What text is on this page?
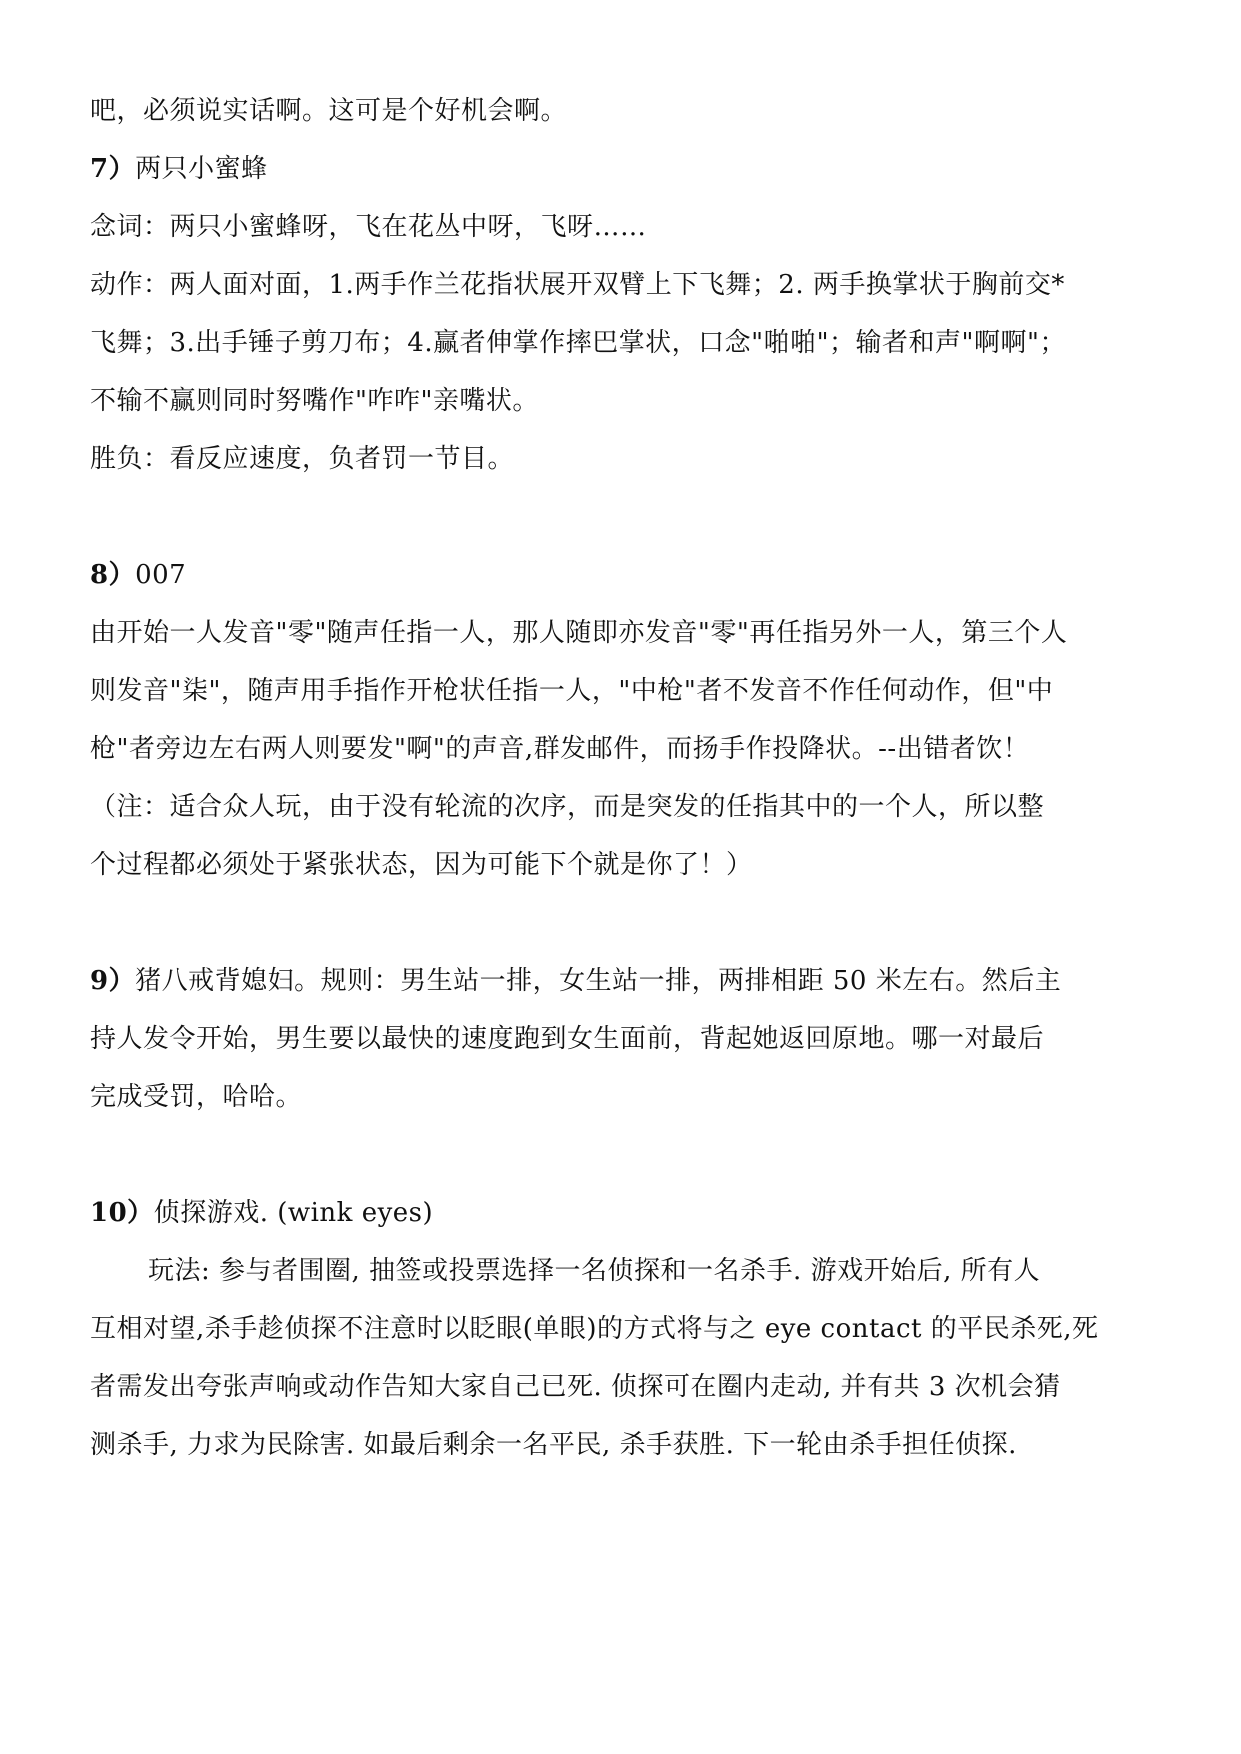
吧，必须说实话啊。这可是个好机会啊。
7）两只小蜜蜂
念词：两只小蜜蜂呀，飞在花丛中呀，飞呀……
动作：两人面对面，1.两手作兰花指状展开双臂上下飞舞；2. 两手换掌状于胸前交*
飞舞；3.出手锤子剪刀布；4.赢者伸掌作摔巴掌状，口念"啪啪"；输者和声"啊啊"；
不输不赢则同时努嘴作"咋咋"亲嘴状。
胜负：看反应速度，负者罚一节目。
8）007
由开始一人发音"零"随声任指一人，那人随即亦发音"零"再任指另外一人，第三个人
则发音"柒"，随声用手指作开枪状任指一人，"中枪"者不发音不作任何动作，但"中
枪"者旁边左右两人则要发"啊"的声音,群发邮件，而扬手作投降状。--出错者饮！
（注：适合众人玩，由于没有轮流的次序，而是突发的任指其中的一个人，所以整
个过程都必须处于紧张状态，因为可能下个就是你了！）
9）猪八戒背媳妇。规则：男生站一排，女生站一排，两排相距 50 米左右。然后主
持人发令开始，男生要以最快的速度跑到女生面前，背起她返回原地。哪一对最后
完成受罚，哈哈。
10）侦探游戏. (wink eyes)
玩法: 参与者围圈, 抽签或投票选择一名侦探和一名杀手. 游戏开始后, 所有人
互相对望,杀手趁侦探不注意时以眨眼(单眼)的方式将与之 eye contact 的平民杀死,死
者需发出夸张声响或动作告知大家自己已死. 侦探可在圈内走动, 并有共 3 次机会猜
测杀手, 力求为民除害. 如最后剩余一名平民, 杀手获胜. 下一轮由杀手担任侦探.
